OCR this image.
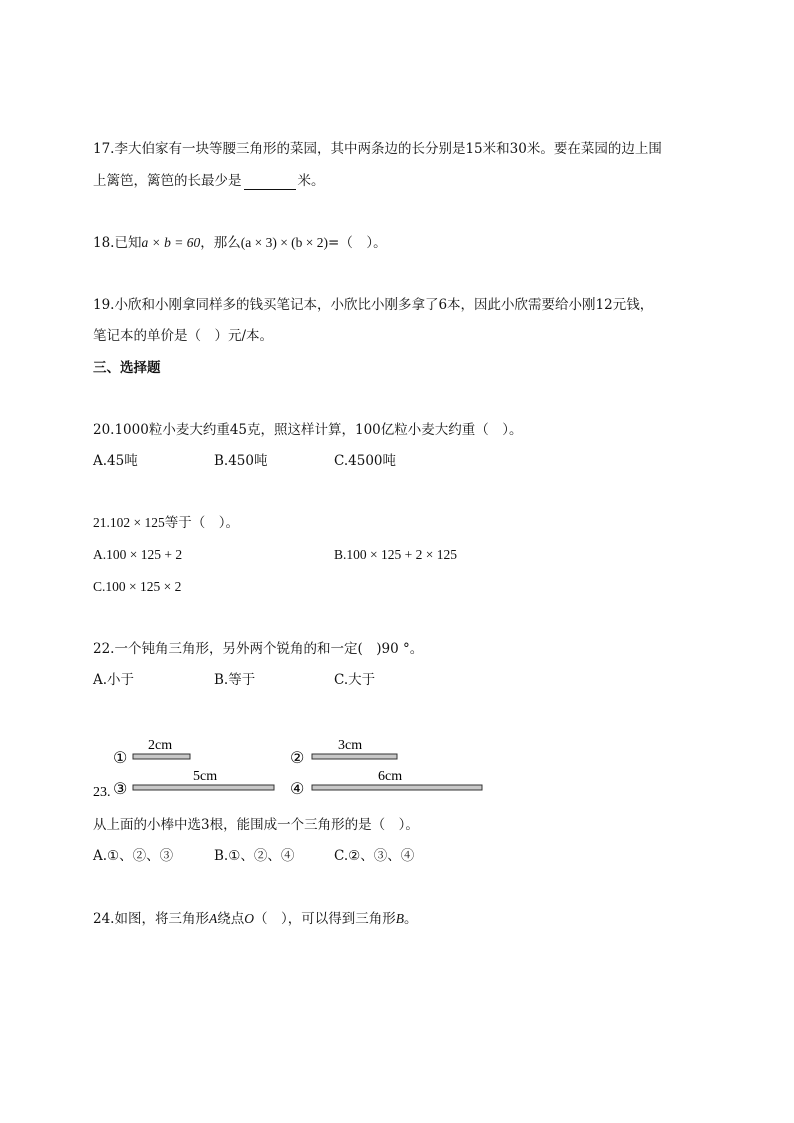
17.李大伯家有一块等腰三角形的菜园，其中两条边的长分别是15米和30米。要在菜园的边上围
上篱笆，篱笆的长最少是	米。
18.已知a × b = 60，那么(a × 3) × (b × 2)=（　）。
19.小欣和小刚拿同样多的钱买笔记本，小欣比小刚多拿了6本，因此小欣需要给小刚12元钱，
笔记本的单价是（　）元/本。
三、选择题
20.1000粒小麦大约重45克，照这样计算，100亿粒小麦大约重（　）。
A.45吨	B.450吨	C.4500吨
21.102 × 125等于（　）。
A.100 × 125 + 2	B.100 × 125 + 2 × 125
C.100 × 125 × 2
22.一个钝角三角形，另外两个锐角的和一定(　)90 °。
A.小于	B.等于	C.大于
①
2cm
②
3cm
23. ③
5cm
④
6cm
从上面的小棒中选3根，能围成一个三角形的是（　）。
A.①、②、③	B.①、②、④	C.②、③、④
24.如图，将三角形A绕点O（　），可以得到三角形B。
